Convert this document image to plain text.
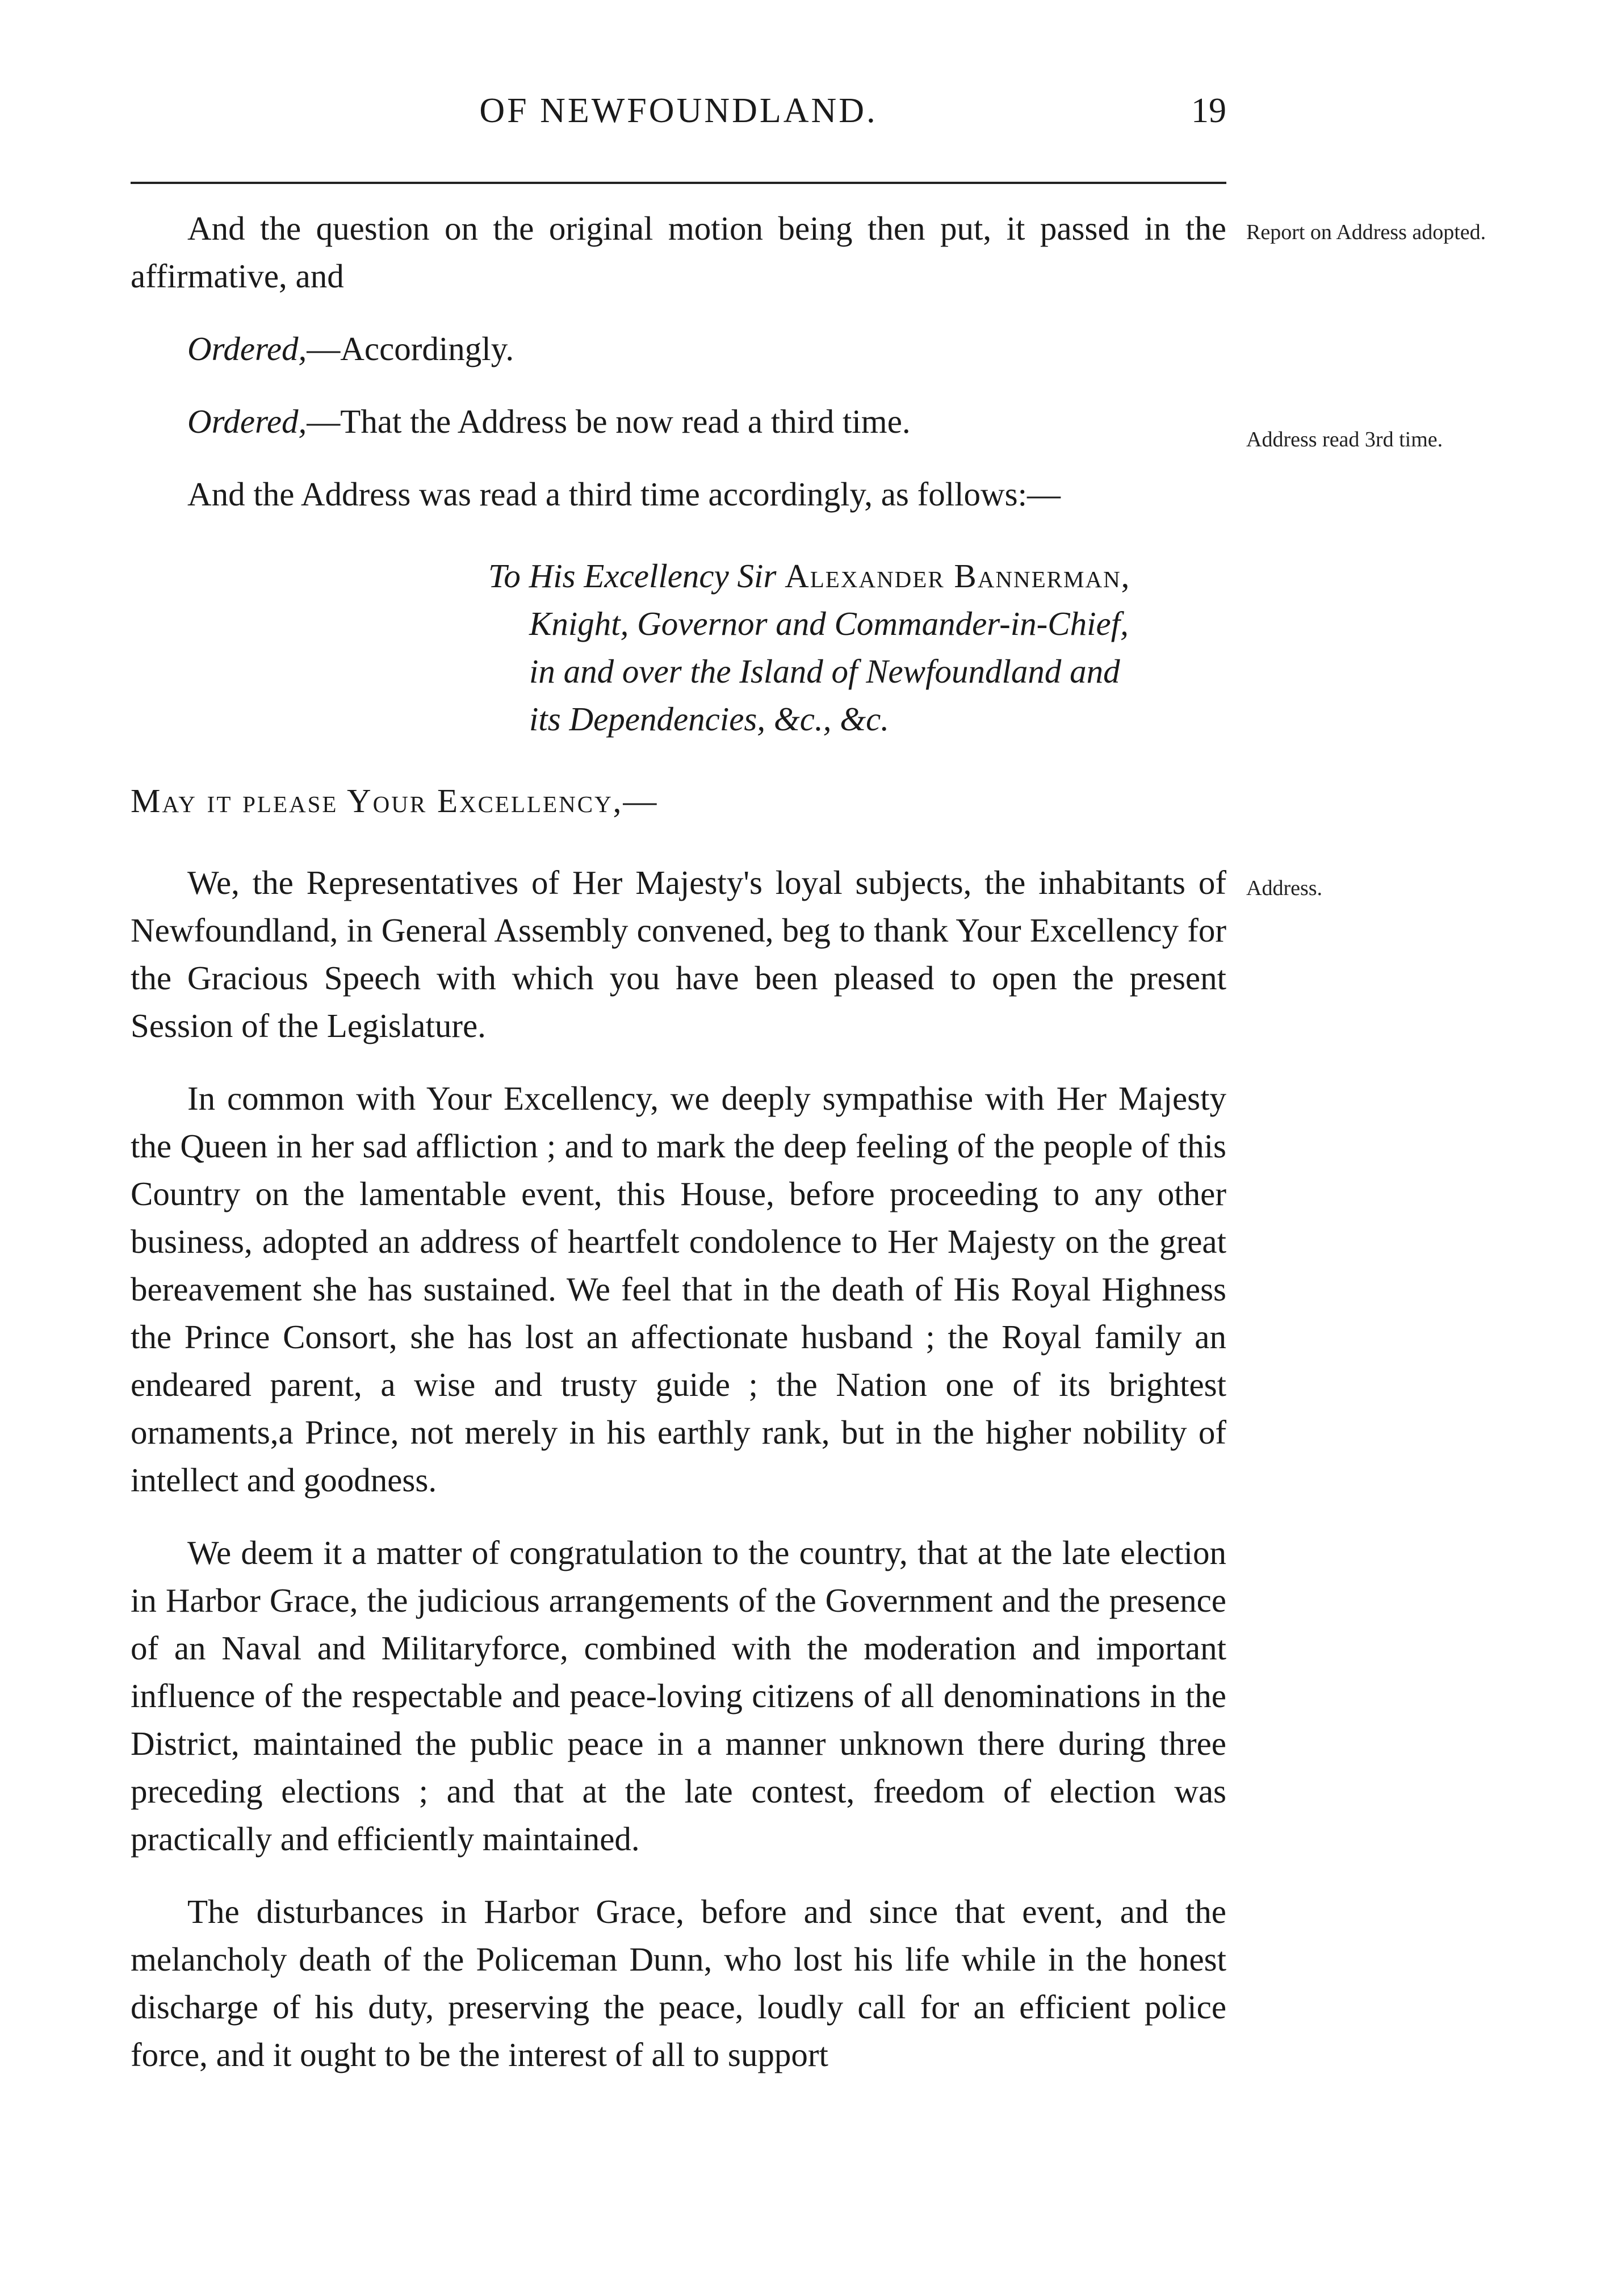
OF NEWFOUNDLAND.	19

And the question on the original motion being then put, it passed in the affirmative, and

Ordered,—Accordingly.

Ordered,—That the Address be now read a third time.

And the Address was read a third time accordingly, as follows:—

To His Excellency Sir Alexander Bannerman,
Knight, Governor and Commander-in-Chief,
in and over the Island of Newfoundland and
its Dependencies, &c., &c.

May it please Your Excellency,—

We, the Representatives of Her Majesty's loyal subjects, the inhabitants of Newfoundland, in General Assembly convened, beg to thank Your Excellency for the Gracious Speech with which you have been pleased to open the present Session of the Legislature.

In common with Your Excellency, we deeply sympathise with Her Majesty the Queen in her sad affliction ; and to mark the deep feeling of the people of this Country on the lamentable event, this House, before proceeding to any other business, adopted an address of heartfelt condolence to Her Majesty on the great bereavement she has sustained. We feel that in the death of His Royal Highness the Prince Consort, she has lost an affectionate husband ; the Royal family an endeared parent, a wise and trusty guide ; the Nation one of its brightest ornaments,a Prince, not merely in his earthly rank, but in the higher nobility of intellect and goodness.

We deem it a matter of congratulation to the country, that at the late election in Harbor Grace, the judicious arrangements of the Government and the presence of an Naval and Militaryforce, combined with the moderation and important influence of the respectable and peace-loving citizens of all denominations in the District, maintained the public peace in a manner unknown there during three preceding elections ; and that at the late contest, freedom of election was practically and efficiently maintained.

The disturbances in Harbor Grace, before and since that event, and the melancholy death of the Policeman Dunn, who lost his life while in the honest discharge of his duty, preserving the peace, loudly call for an efficient police force, and it ought to be the interest of all to support

Report on Address adopted.
Address read 3rd time.
Address.
